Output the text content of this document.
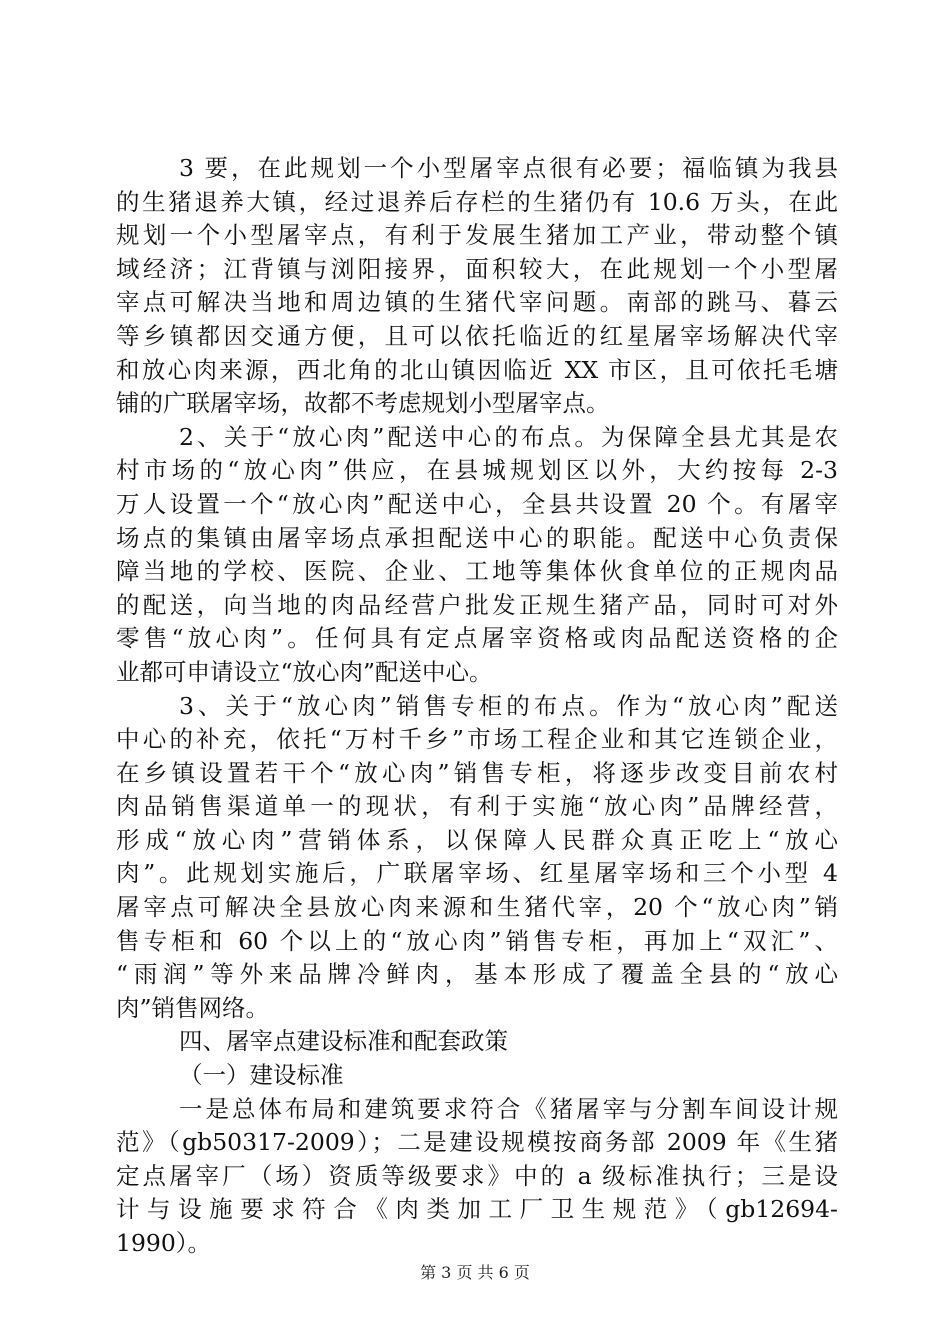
3 要，在此规划一个小型屠宰点很有必要；福临镇为我县
的生猪退养大镇，经过退养后存栏的生猪仍有 10.6 万头，在此
规划一个小型屠宰点，有利于发展生猪加工产业，带动整个镇
域经济；江背镇与浏阳接界，面积较大，在此规划一个小型屠
宰点可解决当地和周边镇的生猪代宰问题。南部的跳马、暮云
等乡镇都因交通方便，且可以依托临近的红星屠宰场解决代宰
和放心肉来源，西北角的北山镇因临近 XX 市区，且可依托毛塘
铺的广联屠宰场，故都不考虑规划小型屠宰点。
2、关于“放心肉”配送中心的布点。为保障全县尤其是农
村市场的“放心肉”供应，在县城规划区以外，大约按每 2-3
万人设置一个“放心肉”配送中心，全县共设置 20 个。有屠宰
场点的集镇由屠宰场点承担配送中心的职能。配送中心负责保
障当地的学校、医院、企业、工地等集体伙食单位的正规肉品
的配送，向当地的肉品经营户批发正规生猪产品，同时可对外
零售“放心肉”。任何具有定点屠宰资格或肉品配送资格的企
业都可申请设立“放心肉”配送中心。
3、关于“放心肉”销售专柜的布点。作为“放心肉”配送
中心的补充，依托“万村千乡”市场工程企业和其它连锁企业，
在乡镇设置若干个“放心肉”销售专柜，将逐步改变目前农村
肉品销售渠道单一的现状，有利于实施“放心肉”品牌经营，
形成“放心肉”营销体系，以保障人民群众真正吃上“放心
肉”。此规划实施后，广联屠宰场、红星屠宰场和三个小型 4
屠宰点可解决全县放心肉来源和生猪代宰，20 个“放心肉”销
售专柜和 60 个以上的“放心肉”销售专柜，再加上“双汇”、
“雨润”等外来品牌冷鲜肉，基本形成了覆盖全县的“放心
肉”销售网络。
四、屠宰点建设标准和配套政策
（一）建设标准
一是总体布局和建筑要求符合《猪屠宰与分割车间设计规
范》（gb50317-2009）；二是建设规模按商务部 2009 年《生猪
定点屠宰厂（场）资质等级要求》中的 a 级标准执行；三是设
计与设施要求符合《肉类加工厂卫生规范》（gb12694-
1990）。
第 3 页 共 6 页
